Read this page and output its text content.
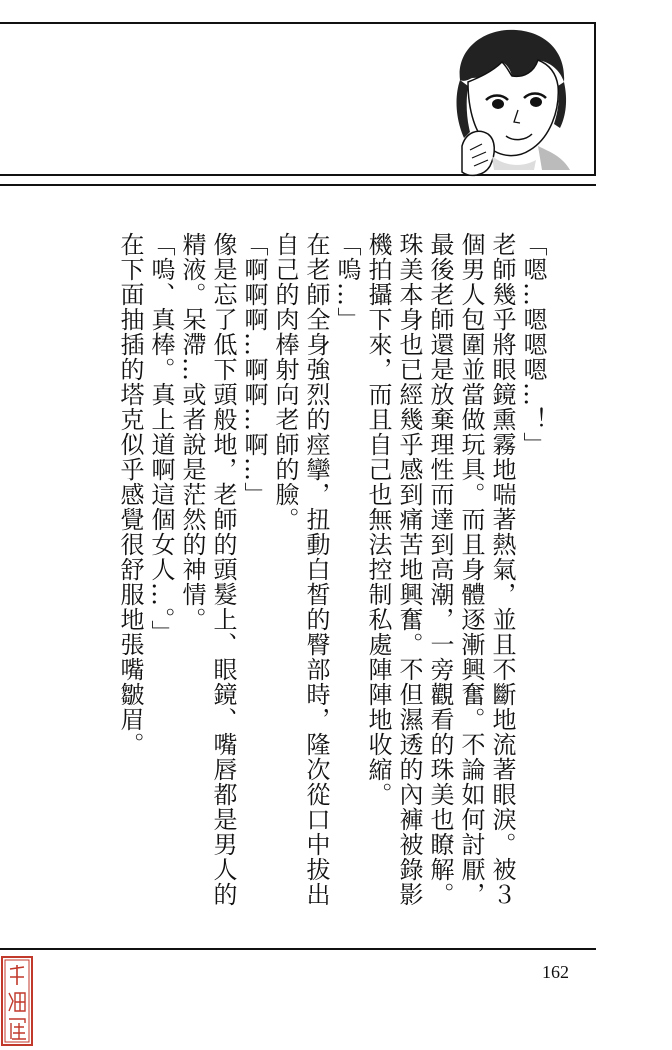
「嗯…嗯嗯嗯…！」

老師幾乎將眼鏡熏霧地喘著熱氣，並且不斷地流著眼淚。被３個男人包圍並當做玩具。而且身體逐漸興奮。不論如何討厭，最後老師還是放棄理性而達到高潮，一旁觀看的珠美也瞭解。

珠美本身也已經幾乎感到痛苦地興奮。不但濕透的內褲被錄影機拍攝下來，而且自己也無法控制私處陣陣地收縮。

「嗚…」

在老師全身強烈的痙攣，扭動白皙的臀部時，隆次從口中拔出自己的肉棒射向老師的臉。

「啊啊啊…啊啊…啊…」

像是忘了低下頭般地，老師的頭髮上、眼鏡、嘴唇都是男人的精液。呆滯…或者說是茫然的神情。

「嗚、真棒。真上道啊這個女人…。」

在下面抽插的塔克似乎感覺很舒服地張嘴皺眉。

162
